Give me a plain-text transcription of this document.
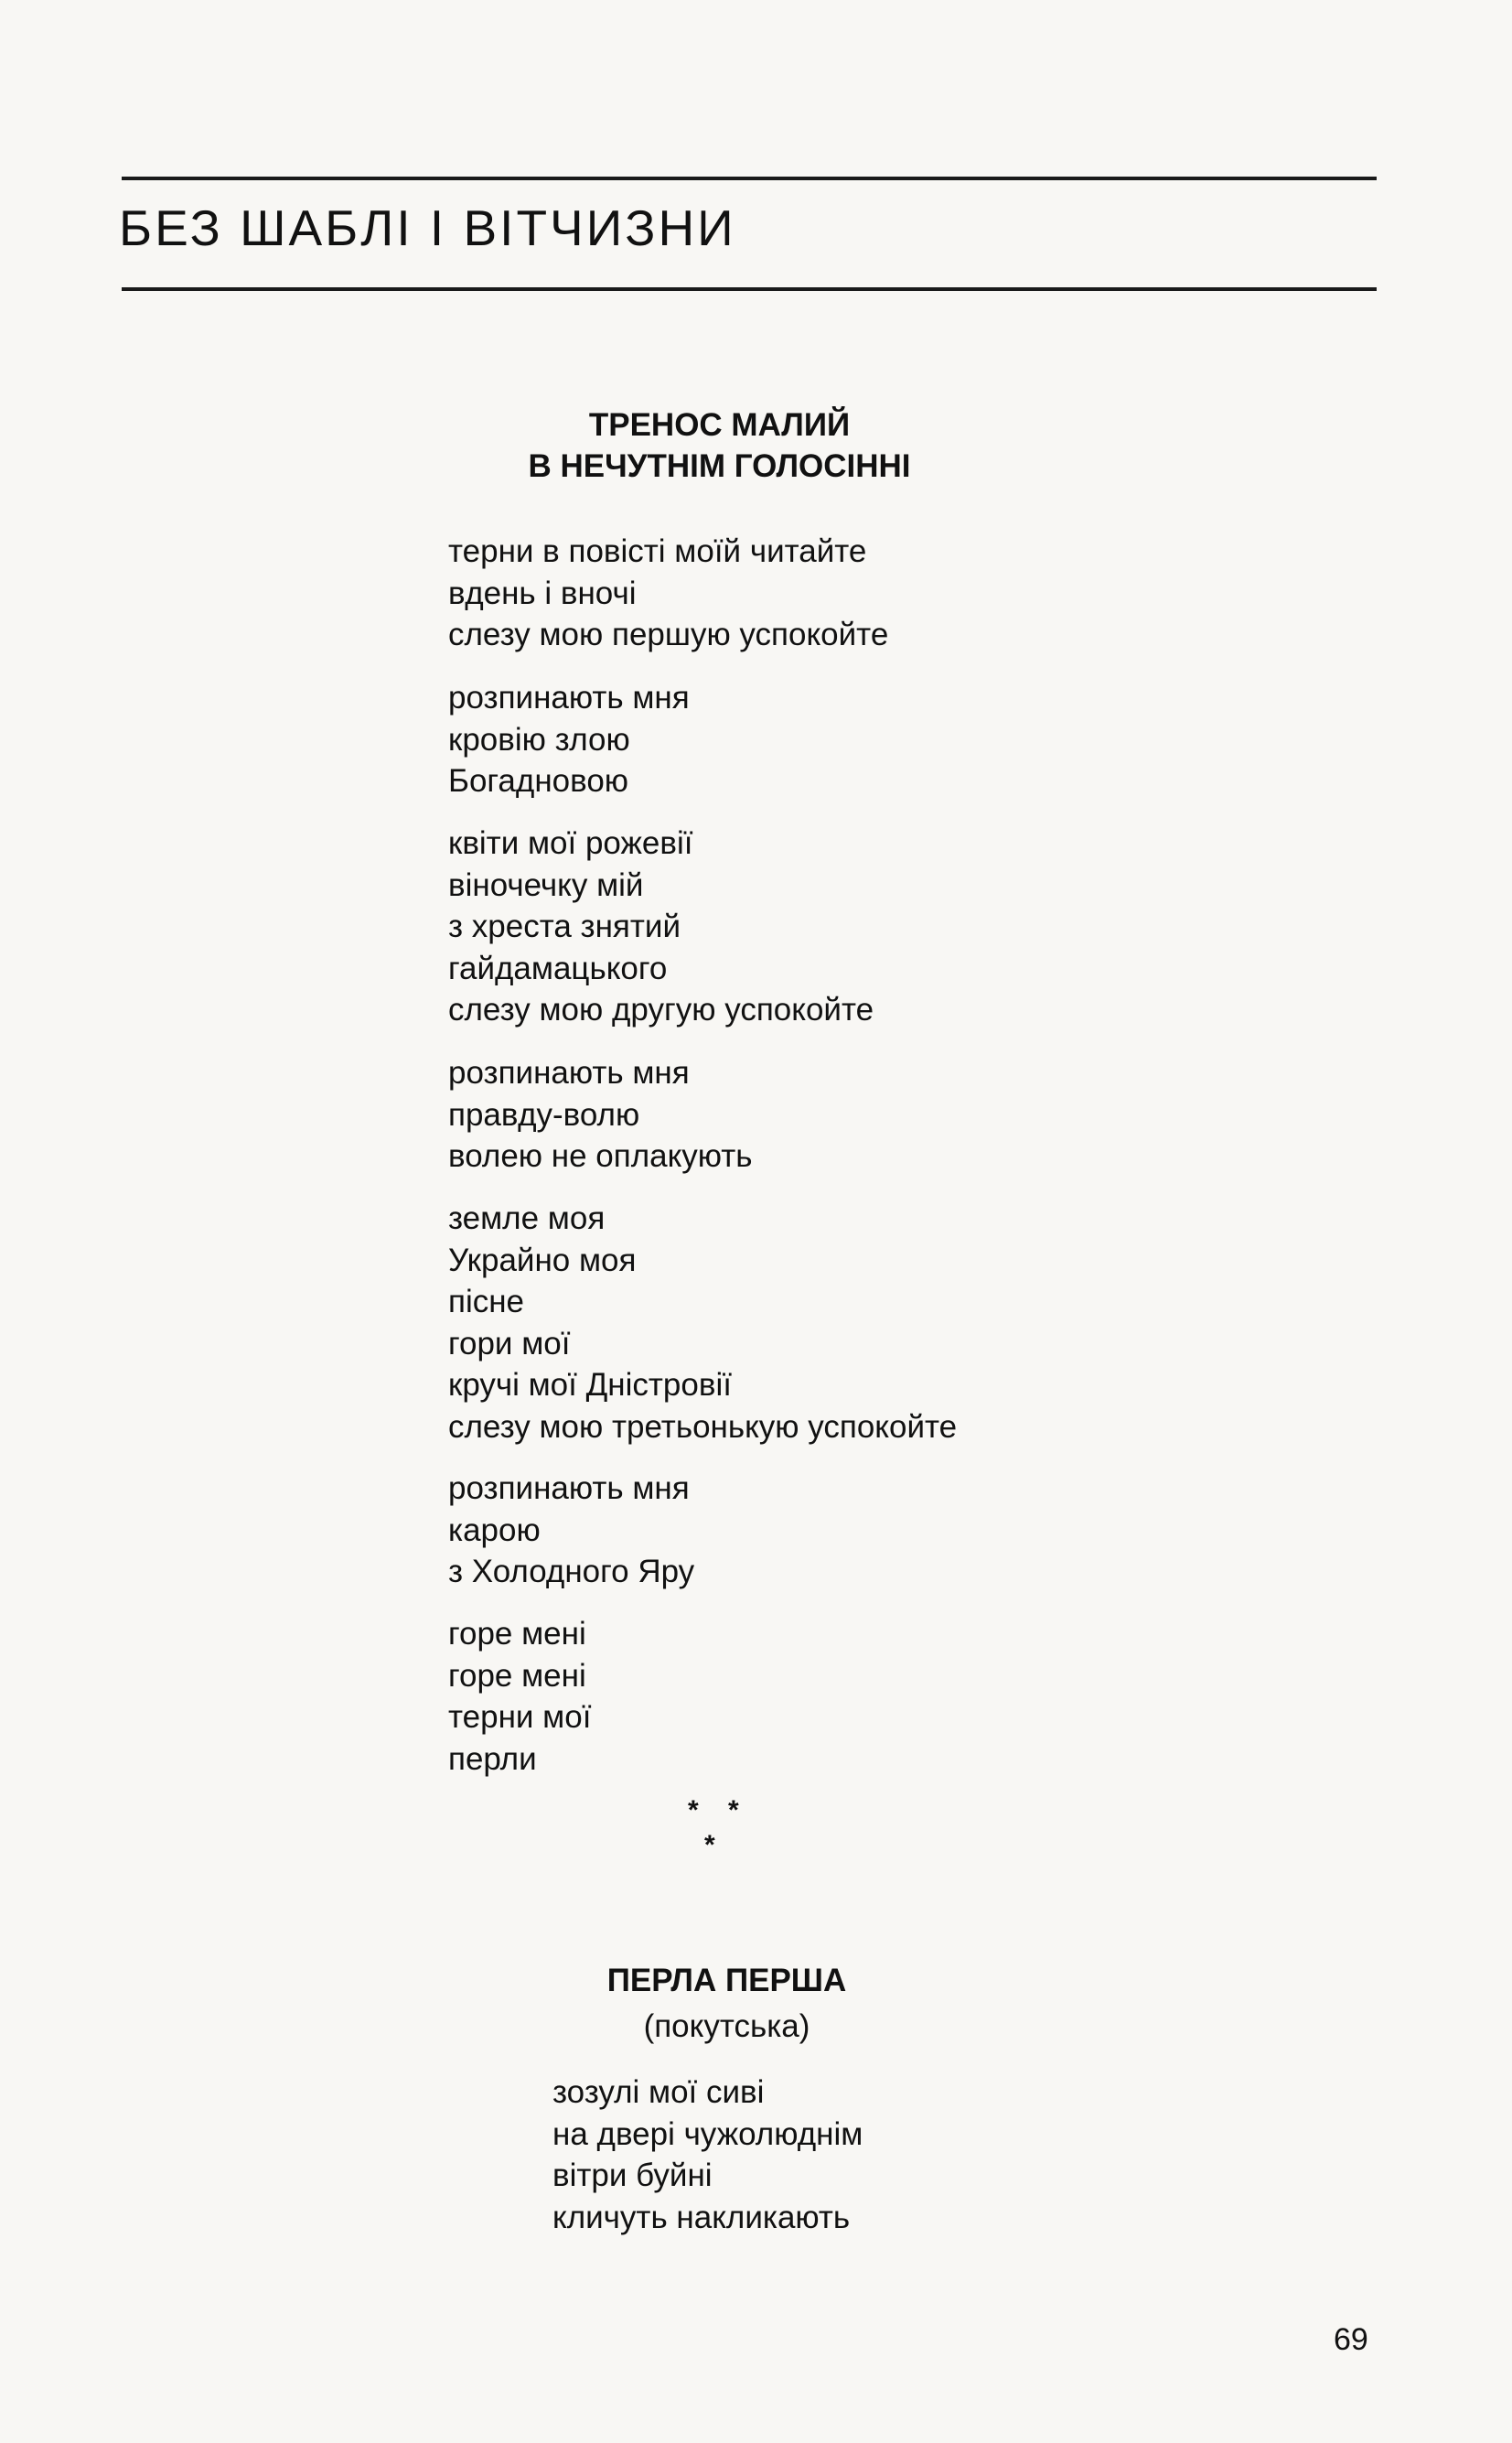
БЕЗ ШАБЛІ І ВІТЧИЗНИ
ТРЕНОС МАЛИЙ
В НЕЧУТНІМ ГОЛОСІННІ
терни в повісті моїй читайте
вдень і вночі
слезу мою першую успокойте
розпинають мня
кровію злою
Богадновою
квіти мої рожевії
віночечку мій
з хреста знятий
гайдамацького
слезу мою другую успокойте
розпинають мня
правду-волю
волею не оплакують
земле моя
Украйно моя
пісне
гори мої
кручі мої Дністровії
слезу мою третьонькую успокойте
розпинають мня
карою
з Холодного Яру
горе мені
горе мені
терни мої
перли
* *
*
ПЕРЛА ПЕРША
(покутська)
зозулі мої сиві
на двері чужолюднім
вітри буйні
кличуть накликають
69
